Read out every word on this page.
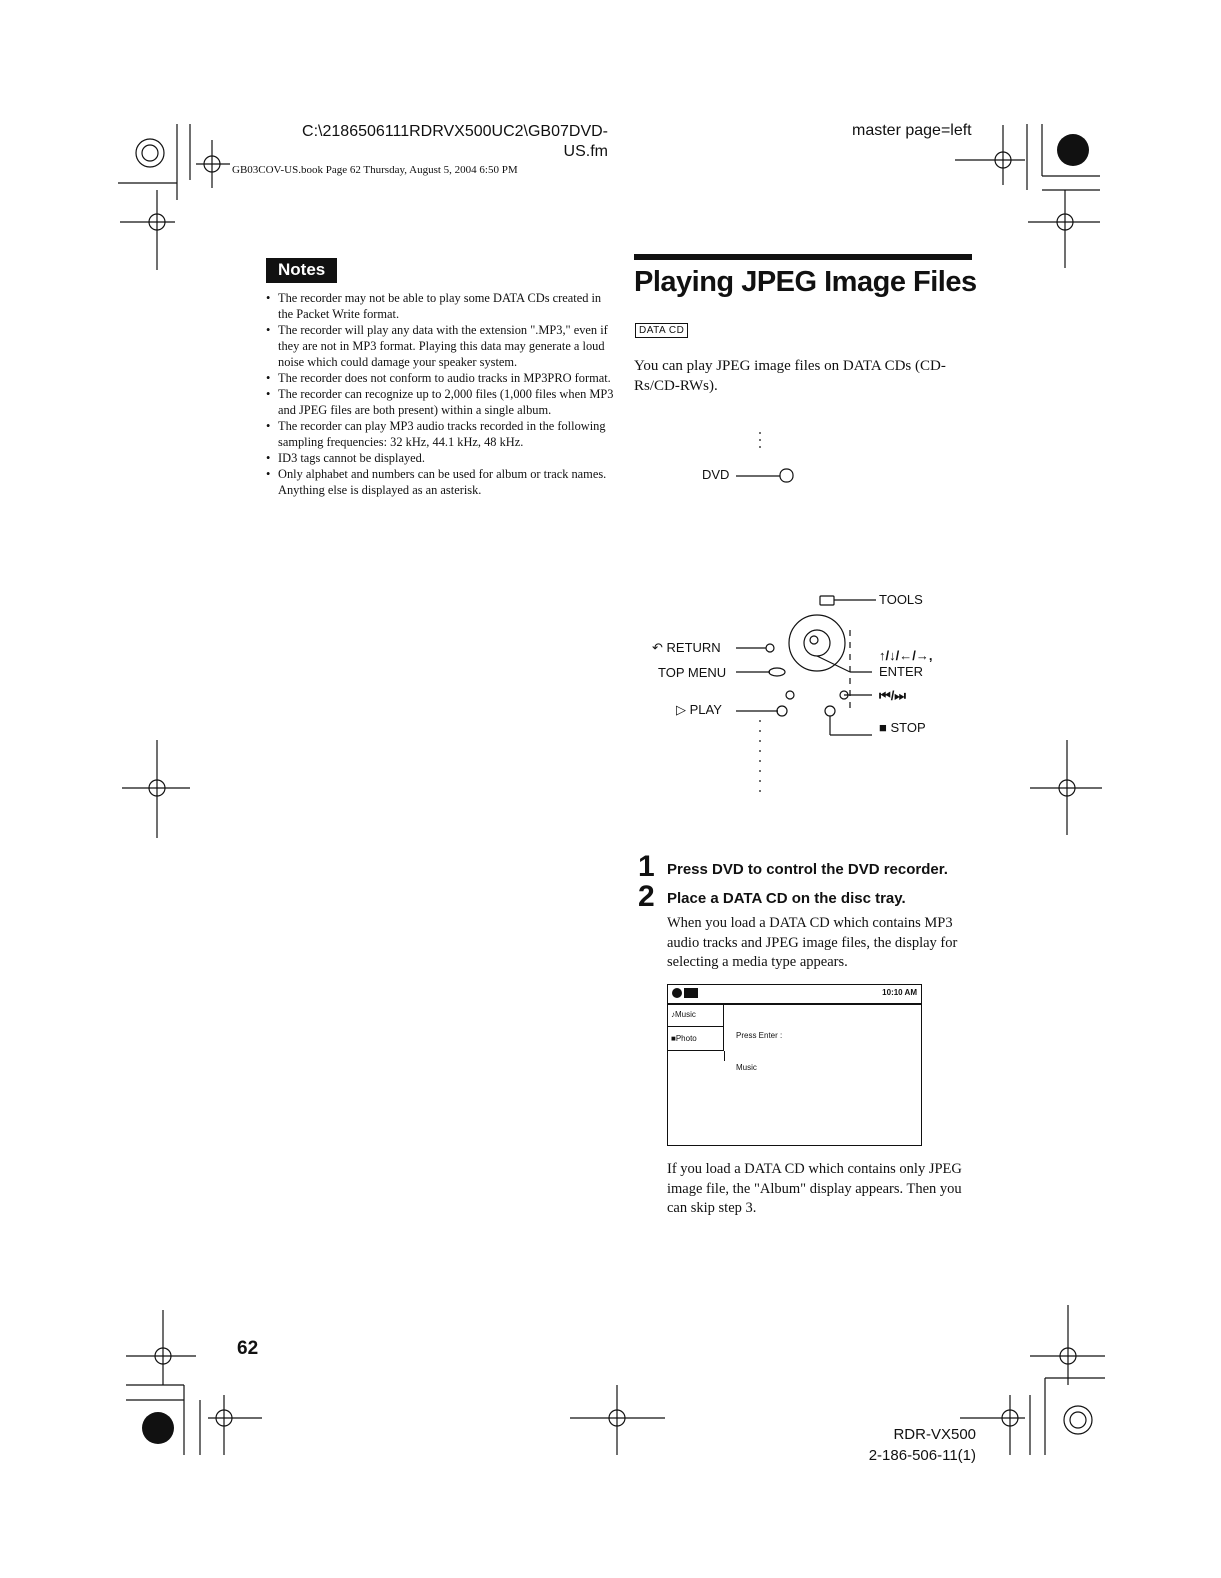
C:\2186506111RDRVX500UC2\GB07DVD-
US.fm
GB03COV-US.book Page 62 Thursday, August 5, 2004 6:50 PM
master page=left
Notes
• The recorder may not be able to play some DATA CDs created in the Packet Write format.
• The recorder will play any data with the extension ".MP3," even if they are not in MP3 format. Playing this data may generate a loud noise which could damage your speaker system.
• The recorder does not conform to audio tracks in MP3PRO format.
• The recorder can recognize up to 2,000 files (1,000 files when MP3 and JPEG files are both present) within a single album.
• The recorder can play MP3 audio tracks recorded in the following sampling frequencies: 32 kHz, 44.1 kHz, 48 kHz.
• ID3 tags cannot be displayed.
• Only alphabet and numbers can be used for album or track names. Anything else is displayed as an asterisk.
Playing JPEG Image Files
DATA CD
You can play JPEG image files on DATA CDs (CD-Rs/CD-RWs).
DVD
TOOLS
↶ RETURN
TOP MENU
▷ PLAY
↑/↓/←/→,
ENTER
⏮/⏭
■ STOP
1 Press DVD to control the DVD recorder.
2 Place a DATA CD on the disc tray.
When you load a DATA CD which contains MP3 audio tracks and JPEG image files, the display for selecting a media type appears.
10:10 AM
♪Music
■Photo	Press Enter :
Music
If you load a DATA CD which contains only JPEG image file, the "Album" display appears. Then you can skip step 3.
62
RDR-VX500
2-186-506-11(1)
